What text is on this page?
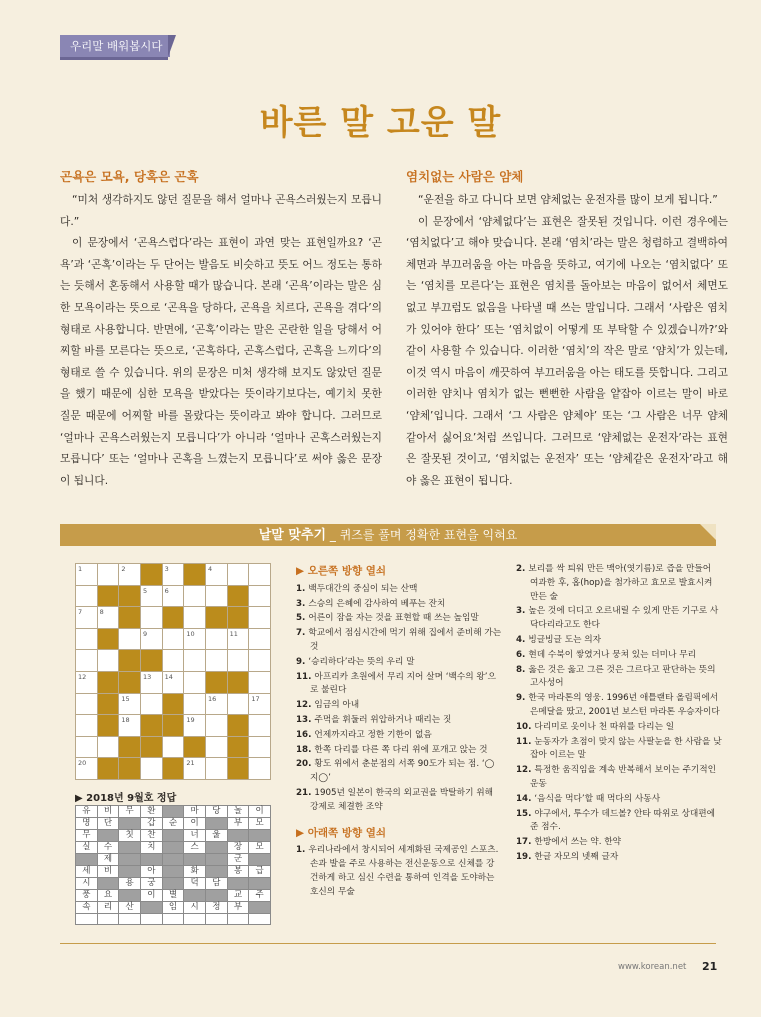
우리말 배워봅시다
바른 말 고운 말
곤욕은 모욕, 당혹은 곤혹

“미처 생각하지도 않던 질문을 해서 얼마나 곤욕스러웠는지 모릅니다.”

이 문장에서 ‘곤욕스럽다’라는 표현이 과연 맞는 표현일까요? ‘곤욕’과 ‘곤혹’이라는 두 단어는 발음도 비슷하고 뜻도 어느 정도는 통하는 듯해서 혼동해서 사용할 때가 많습니다. 본래 ‘곤욕’이라는 말은 심한 모욕이라는 뜻으로 ‘곤욕을 당하다, 곤욕을 치르다, 곤욕을 겪다’의 형태로 사용합니다. 반면에, ‘곤혹’이라는 말은 곤란한 일을 당해서 어찌할 바를 모른다는 뜻으로, ‘곤혹하다, 곤혹스럽다, 곤혹을 느끼다’의 형태로 쓸 수 있습니다. 위의 문장은 미처 생각해 보지도 않았던 질문을 했기 때문에 심한 모욕을 받았다는 뜻이라기보다는, 예기치 못한 질문 때문에 어찌할 바를 몰랐다는 뜻이라고 봐야 합니다. 그러므로 ‘얼마나 곤욕스러웠는지 모릅니다’가 아니라 ‘얼마나 곤혹스러웠는지 모릅니다’ 또는 ‘얼마나 곤혹을 느꼈는지 모릅니다’로 써야 옳은 문장이 됩니다.

염치없는 사람은 얌체

“운전을 하고 다니다 보면 얌체없는 운전자를 많이 보게 됩니다.”

이 문장에서 ‘얌체없다’는 표현은 잘못된 것입니다. 이런 경우에는 ‘염치없다’고 해야 맞습니다. 본래 ‘염치’라는 말은 청렴하고 결백하여 체면과 부끄러움을 아는 마음을 뜻하고, 여기에 나오는 ‘염치없다’ 또는 ‘염치를 모른다’는 표현은 염치를 돌아보는 마음이 없어서 체면도 없고 부끄럼도 없음을 나타낼 때 쓰는 말입니다. 그래서 ‘사람은 염치가 있어야 한다’ 또는 ‘염치없이 어떻게 또 부탁할 수 있겠습니까?’와 같이 사용할 수 있습니다. 이러한 ‘염치’의 작은 말로 ‘얌치’가 있는데, 이것 역시 마음이 깨끗하여 부끄러움을 아는 태도를 뜻합니다. 그리고 이러한 얌치나 염치가 없는 뻔뻔한 사람을 얕잡아 이르는 말이 바로 ‘얌체’입니다. 그래서 ‘그 사람은 얌체야’ 또는 ‘그 사람은 너무 얌체 같아서 싫어요’처럼 쓰입니다. 그러므로 ‘얌체없는 운전자’라는 표현은 잘못된 것이고, ‘염치없는 운전자’ 또는 ‘얌체같은 운전자’라고 해야 옳은 표현이 됩니다.

낱말 맞추기 _ 퀴즈를 풀며 정확한 표현을 익혀요
1	2	3	4
5	6
7	8
9	10	11
12	13 14
15	16	17
18	19
20	21
▶ 2018년 9월호 정답
유	비	무	환	마	당	놀	이
명	단	갑	순	이	부	모
무	칫	찬	너	울
실	수	치	스	장	모
제	군
세	비	아	화	봉	급
시	용	궁	덕	담
풍	요	이	별	교	주
속	리	산	임	시	정	부
▶ 오른쪽 방향 열쇠
1. 백두대간의 중심이 되는 산맥
3. 스승의 은혜에 감사하여 베푸는 잔치
5. 어른이 잠을 자는 것을 표현할 때 쓰는 높임말
7. 학교에서 점심시간에 먹기 위해 집에서 준비해 가는 것
9. ‘승리하다’라는 뜻의 우리 말
11. 아프리카 초원에서 무리 지어 살며 ‘백수의 왕’으로 불린다
12. 임금의 아내
13. 주먹을 휘둘러 위압하거나 때리는 짓
16. 언제까지라고 정한 기한이 없음
18. 한쪽 다리를 다른 쪽 다리 위에 포개고 앉는 것
20. 황도 위에서 춘분점의 서쪽 90도가 되는 점. ‘◯지◯’
21. 1905년 일본이 한국의 외교권을 박탈하기 위해 강제로 체결한 조약
▶ 아래쪽 방향 열쇠
1. 우리나라에서 창시되어 세계화된 국제공인 스포츠. 손과 발을 주로 사용하는 전신운동으로 신체를 강건하게 하고 심신 수련을 통하여 인격을 도야하는 호신의 무술
2. 보리를 싹 틔워 만든 맥아(엿기름)로 즙을 만들어 여과한 후, 홉(hop)을 첨가하고 효모로 발효시켜 만든 술
3. 높은 것에 디디고 오르내릴 수 있게 만든 기구로 사닥다리라고도 한다
4. 빙글빙글 도는 의자
6. 현데 수북이 쌓였거나 뭉쳐 있는 더미나 무리
8. 옳은 것은 옳고 그른 것은 그르다고 판단하는 뜻의 고사성어
9. 한국 마라톤의 영웅. 1996년 애틀랜타 올림픽에서 은메달을 땄고, 2001년 보스턴 마라톤 우승자이다
10. 다리미로 옷이나 천 따위를 다리는 일
11. 눈동자가 초점이 맞지 않는 사팔눈을 한 사람을 낮잡아 이르는 말
12. 특정한 움직임을 계속 반복해서 보이는 주기적인 운동
14. ‘음식을 먹다’할 때 먹다의 사동사
15. 야구에서, 투수가 데드볼? 안타 따위로 상대편에 준 점수.
17. 한방에서 쓰는 약. 한약
19. 한글 자모의 넷째 글자
www.korean.net 21
